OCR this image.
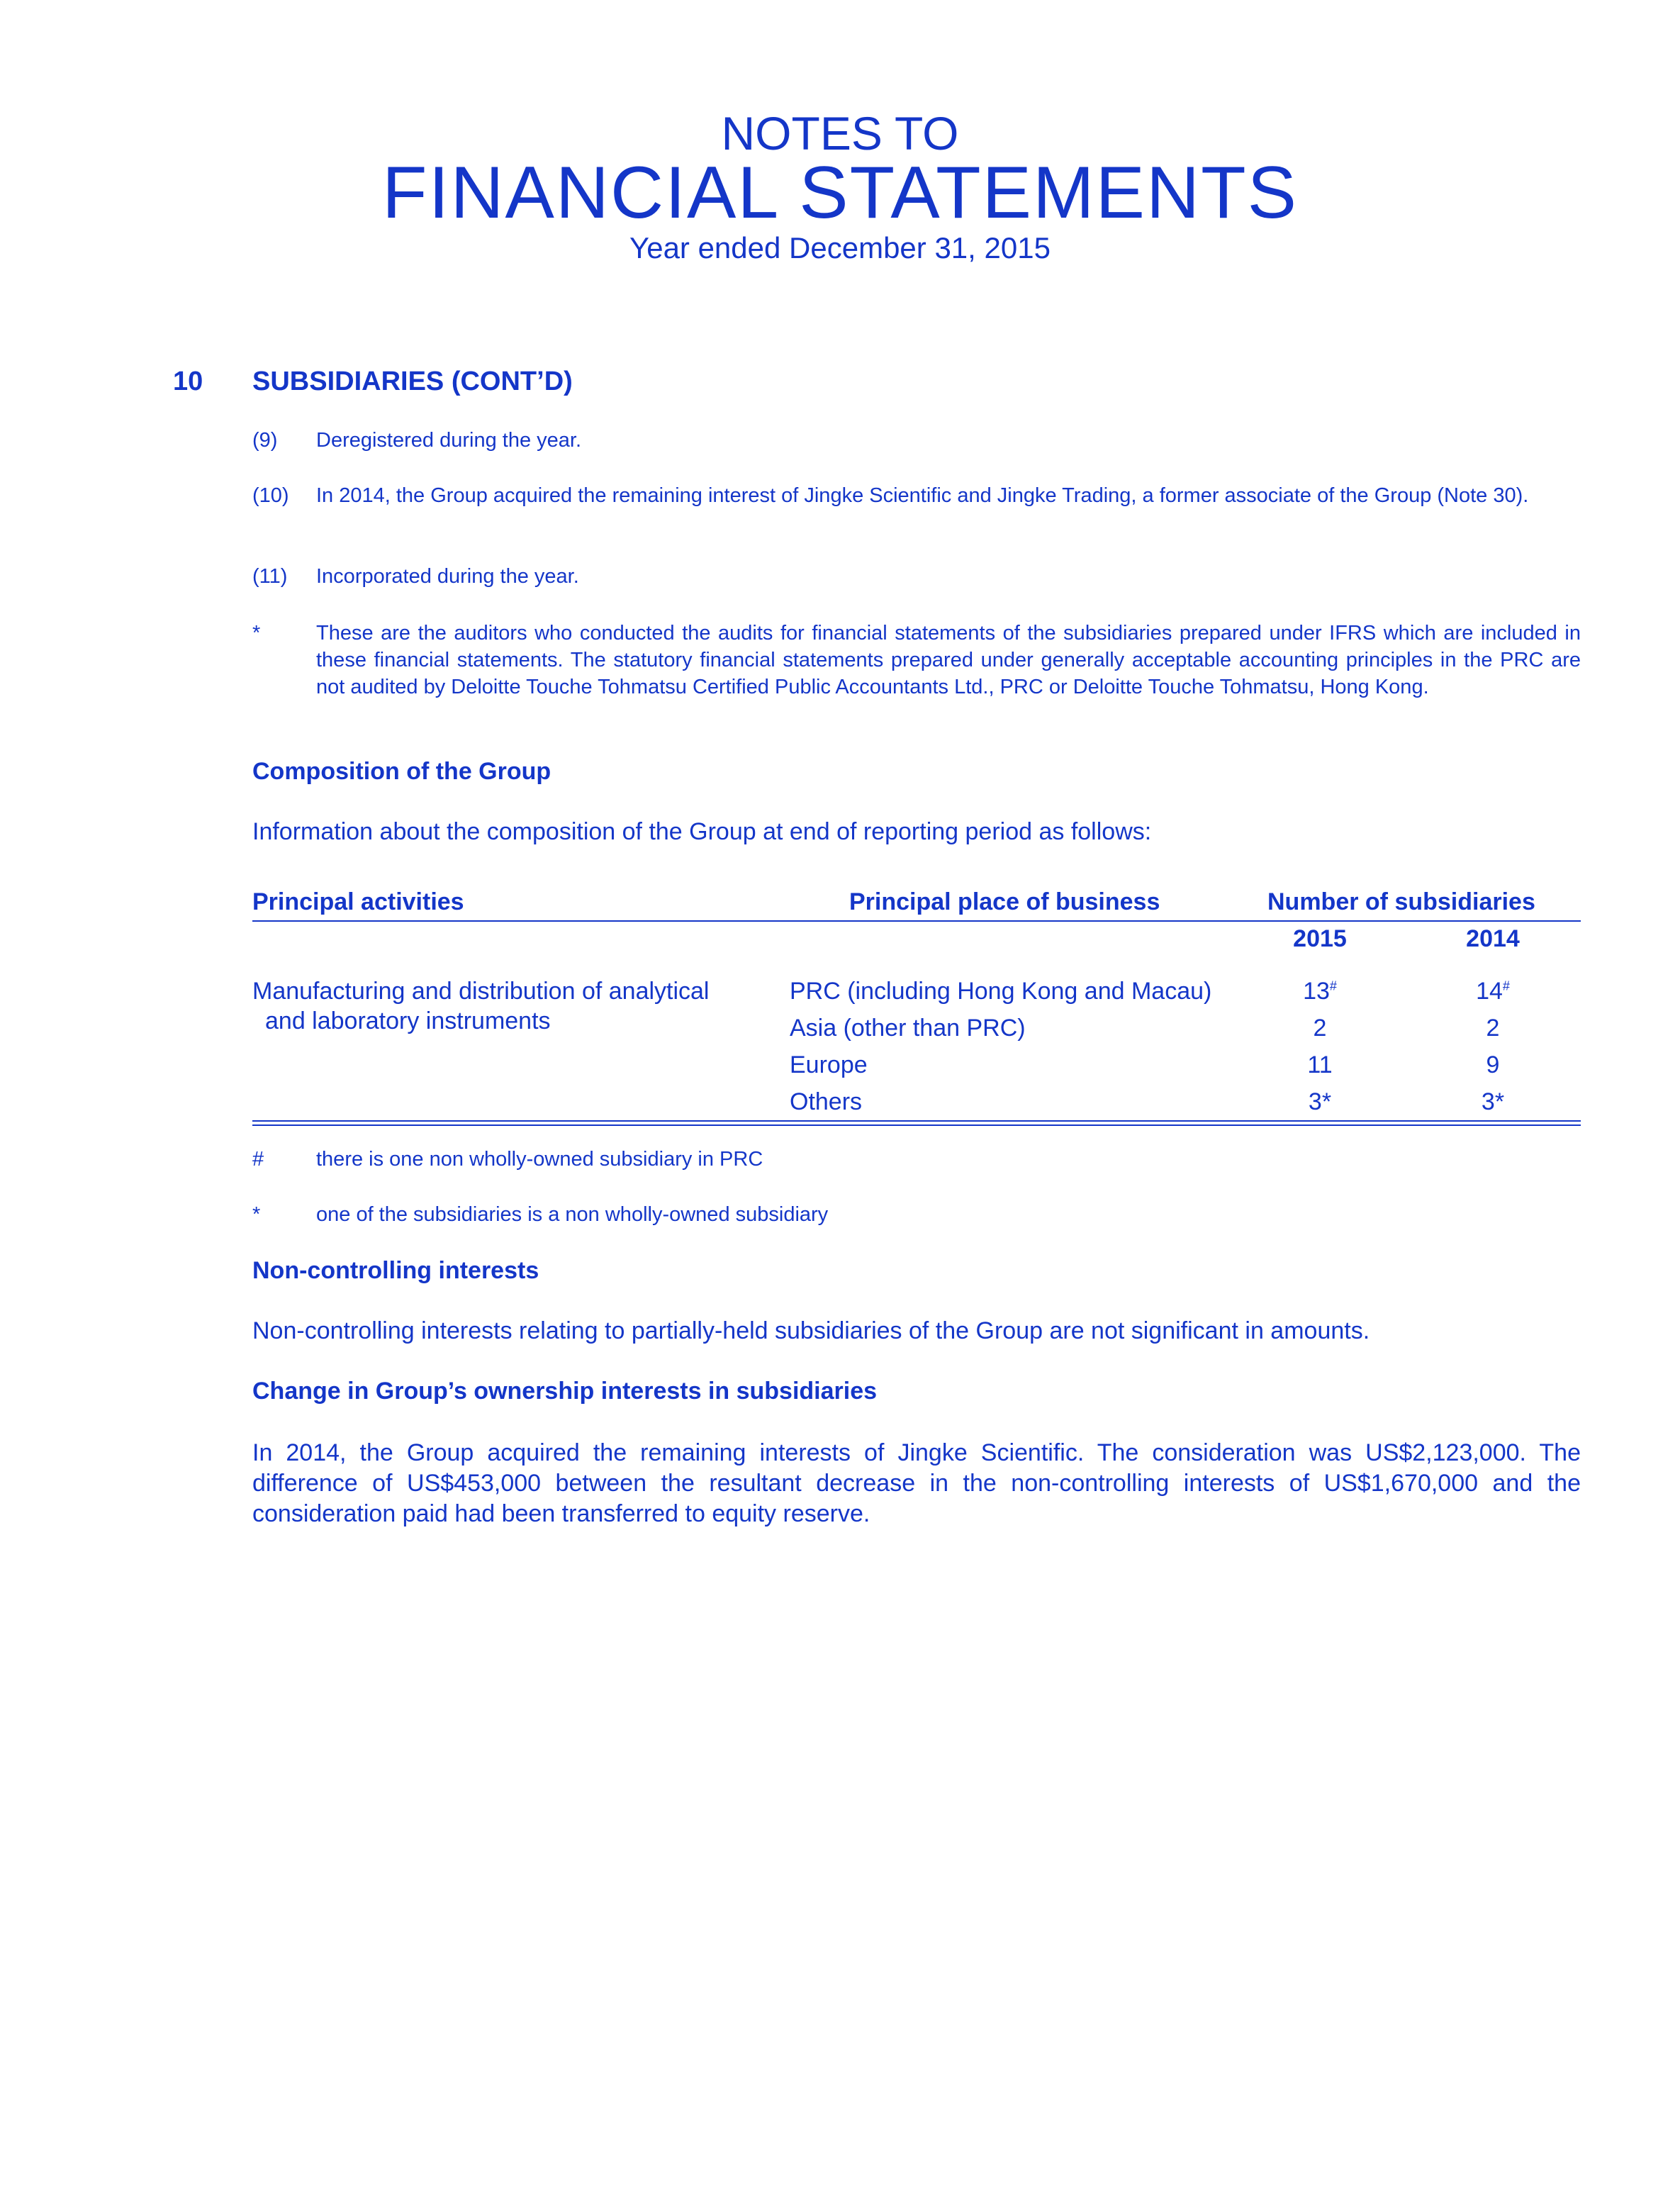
NOTES TO
FINANCIAL STATEMENTS
Year ended December 31, 2015
10 SUBSIDIARIES (CONT’D)
(9) Deregistered during the year.
(10) In 2014, the Group acquired the remaining interest of Jingke Scientific and Jingke Trading, a former associate of the Group (Note 30).
(11) Incorporated during the year.
*	These are the auditors who conducted the audits for financial statements of the subsidiaries prepared under IFRS which are included in these financial statements. The statutory financial statements prepared under generally acceptable accounting principles in the PRC are not audited by Deloitte Touche Tohmatsu Certified Public Accountants Ltd., PRC or Deloitte Touche Tohmatsu, Hong Kong.
Composition of the Group
Information about the composition of the Group at end of reporting period as follows:
Principal activities	Principal place of business	Number of subsidiaries
2015	2014
Manufacturing and distribution of analytical
and laboratory instruments
PRC (including Hong Kong and Macau)	13#	14#
Asia (other than PRC)	2	2
Europe	11	9
Others	3*	3*
#	there is one non wholly-owned subsidiary in PRC
*	one of the subsidiaries is a non wholly-owned subsidiary
Non-controlling interests
Non-controlling interests relating to partially-held subsidiaries of the Group are not significant in amounts.
Change in Group’s ownership interests in subsidiaries
In 2014, the Group acquired the remaining interests of Jingke Scientific. The consideration was US$2,123,000. The difference of US$453,000 between the resultant decrease in the non-controlling interests of US$1,670,000 and the consideration paid had been transferred to equity reserve.
